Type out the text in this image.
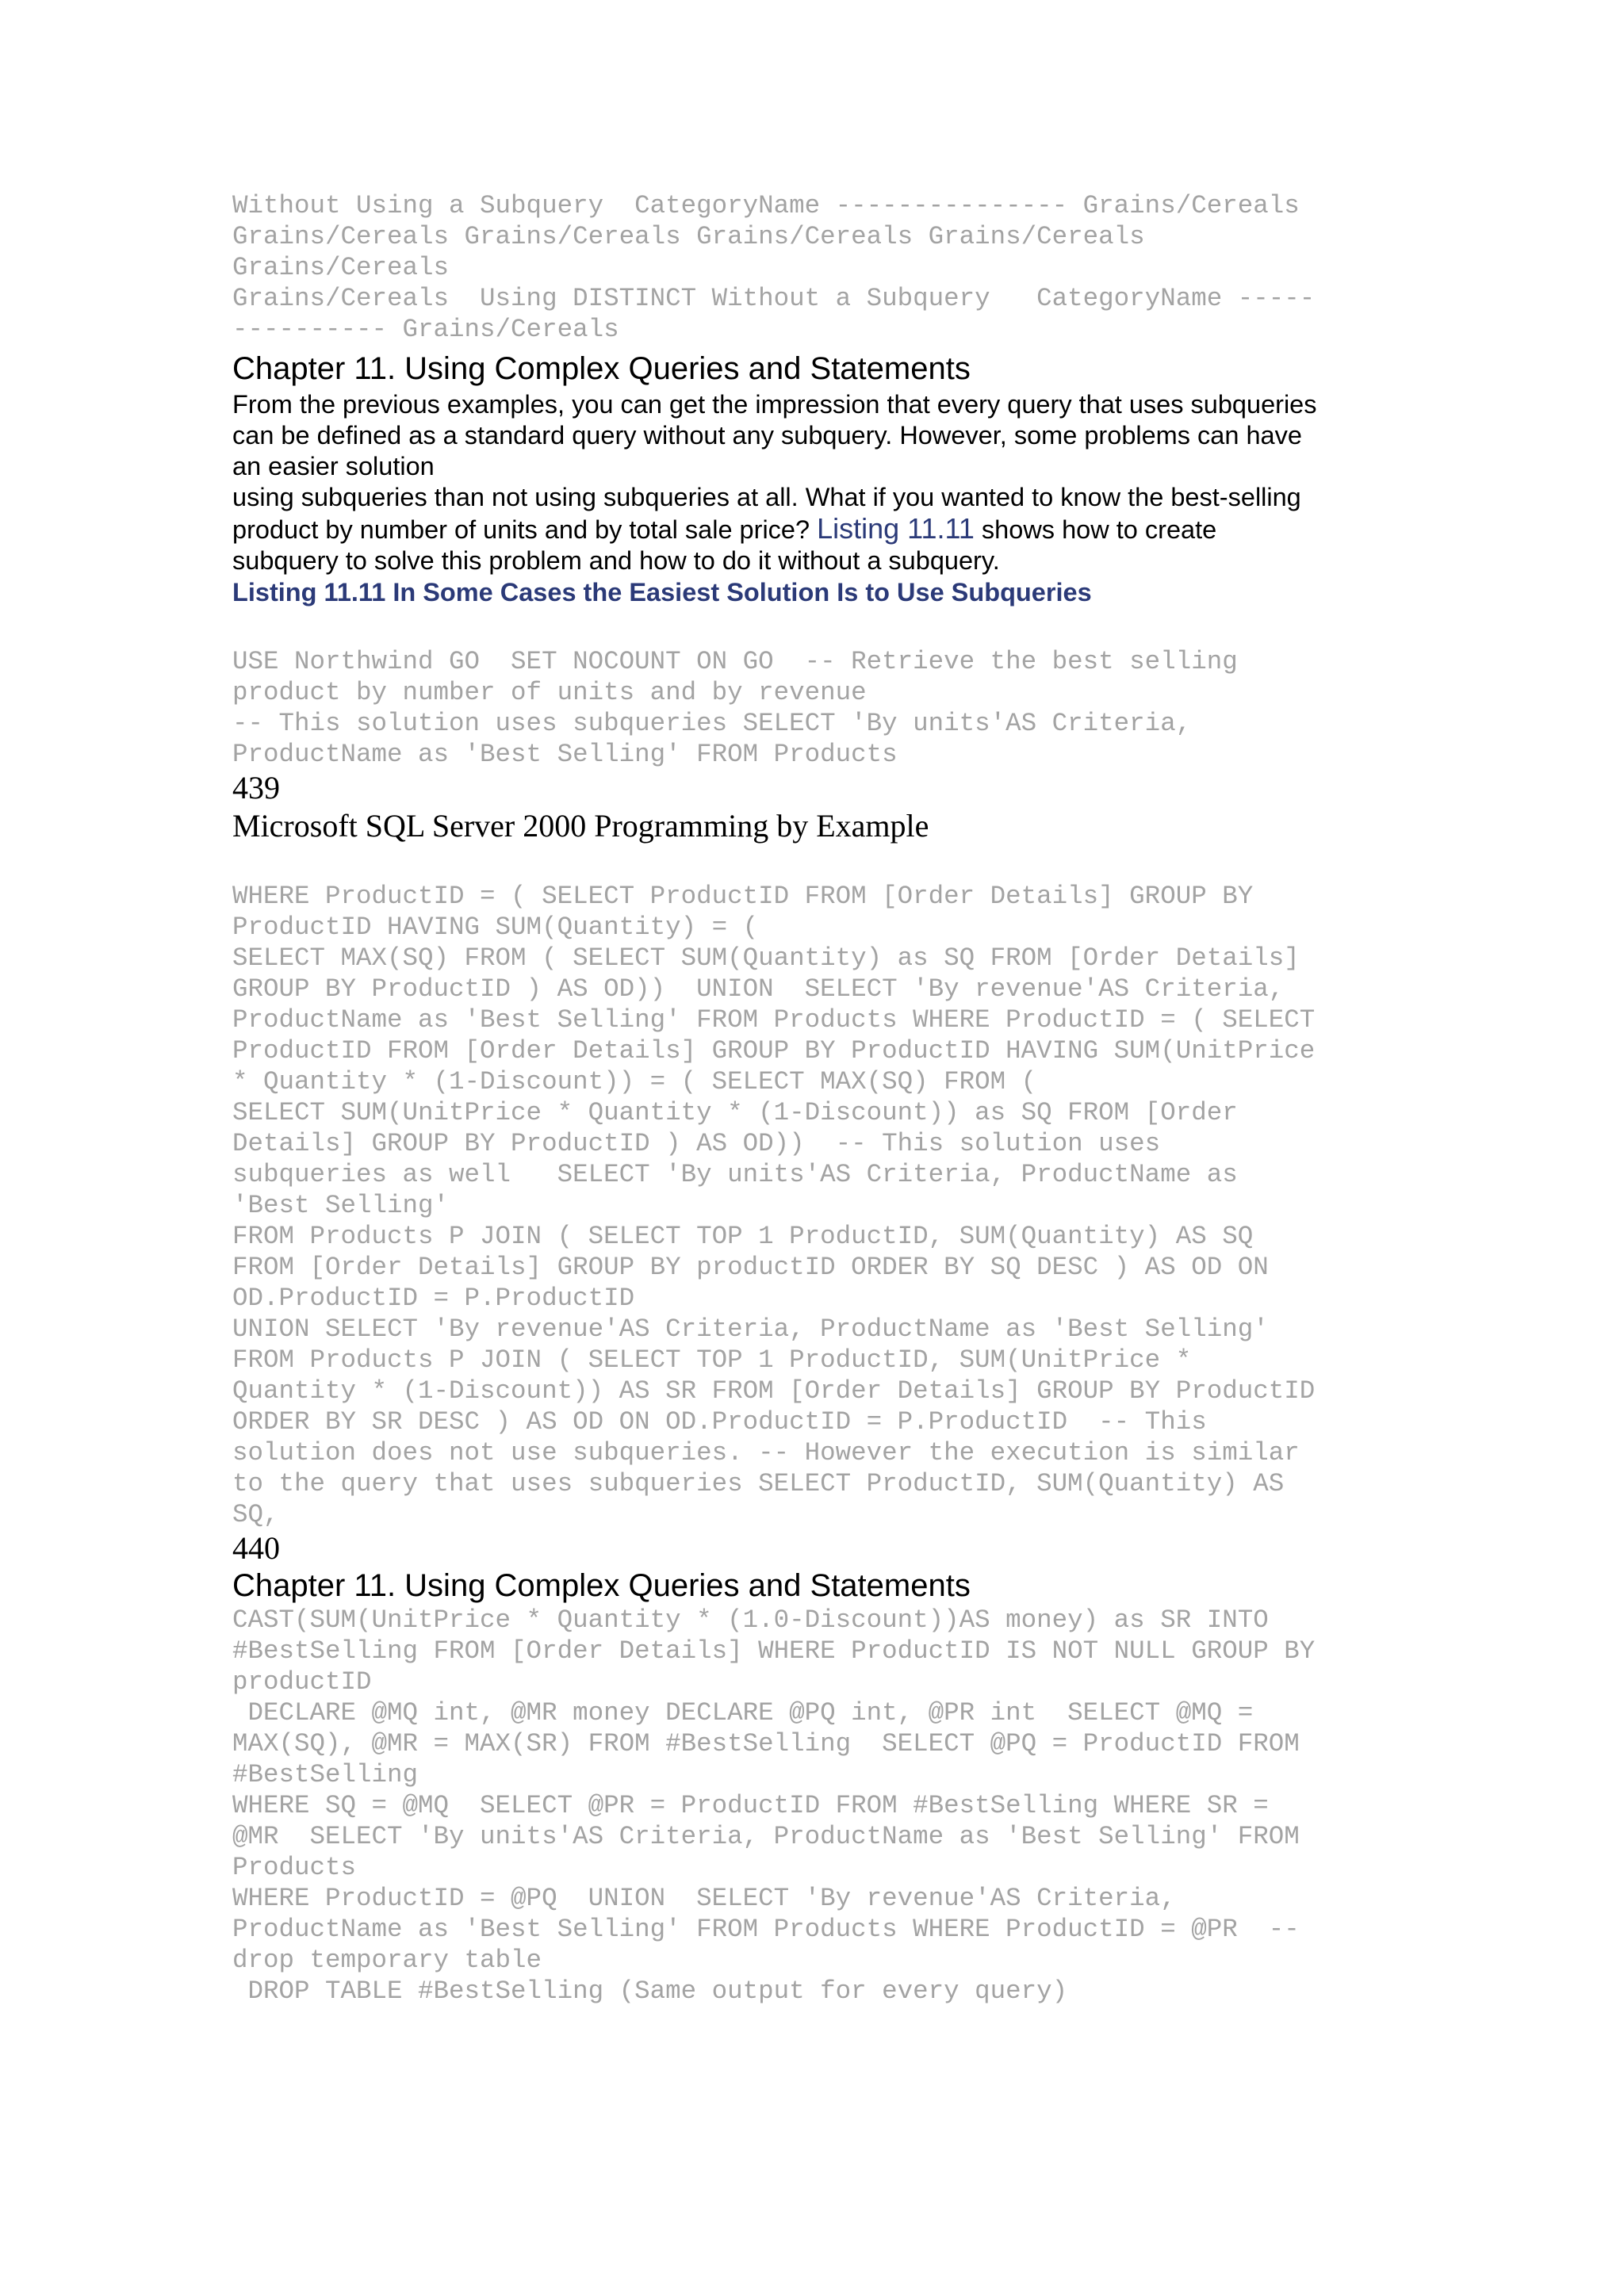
Without Using a Subquery  CategoryName --------------- Grains/Cereals
Grains/Cereals Grains/Cereals Grains/Cereals Grains/Cereals
Grains/Cereals
Grains/Cereals  Using DISTINCT Without a Subquery   CategoryName -----
---------- Grains/Cereals
Chapter 11. Using Complex Queries and Statements
From the previous examples, you can get the impression that every query that uses subqueries
can be defined as a standard query without any subquery. However, some problems can have
an easier solution
using subqueries than not using subqueries at all. What if you wanted to know the best-selling
product by number of units and by total sale price? Listing 11.11 shows how to create
subquery to solve this problem and how to do it without a subquery.
Listing 11.11 In Some Cases the Easiest Solution Is to Use Subqueries
USE Northwind GO  SET NOCOUNT ON GO  -- Retrieve the best selling
product by number of units and by revenue
-- This solution uses subqueries SELECT 'By units'AS Criteria,
ProductName as 'Best Selling' FROM Products
439
Microsoft SQL Server 2000 Programming by Example
WHERE ProductID = ( SELECT ProductID FROM [Order Details] GROUP BY
ProductID HAVING SUM(Quantity) = (
SELECT MAX(SQ) FROM ( SELECT SUM(Quantity) as SQ FROM [Order Details]
GROUP BY ProductID ) AS OD))  UNION  SELECT 'By revenue'AS Criteria,
ProductName as 'Best Selling' FROM Products WHERE ProductID = ( SELECT
ProductID FROM [Order Details] GROUP BY ProductID HAVING SUM(UnitPrice
* Quantity * (1-Discount)) = ( SELECT MAX(SQ) FROM (
SELECT SUM(UnitPrice * Quantity * (1-Discount)) as SQ FROM [Order
Details] GROUP BY ProductID ) AS OD))  -- This solution uses
subqueries as well   SELECT 'By units'AS Criteria, ProductName as
'Best Selling'
FROM Products P JOIN ( SELECT TOP 1 ProductID, SUM(Quantity) AS SQ
FROM [Order Details] GROUP BY productID ORDER BY SQ DESC ) AS OD ON
OD.ProductID = P.ProductID
UNION SELECT 'By revenue'AS Criteria, ProductName as 'Best Selling'
FROM Products P JOIN ( SELECT TOP 1 ProductID, SUM(UnitPrice *
Quantity * (1-Discount)) AS SR FROM [Order Details] GROUP BY ProductID
ORDER BY SR DESC ) AS OD ON OD.ProductID = P.ProductID  -- This
solution does not use subqueries. -- However the execution is similar
to the query that uses subqueries SELECT ProductID, SUM(Quantity) AS
SQ,
440
Chapter 11. Using Complex Queries and Statements
CAST(SUM(UnitPrice * Quantity * (1.0-Discount))AS money) as SR INTO
#BestSelling FROM [Order Details] WHERE ProductID IS NOT NULL GROUP BY
productID
DECLARE @MQ int, @MR money DECLARE @PQ int, @PR int  SELECT @MQ =
MAX(SQ), @MR = MAX(SR) FROM #BestSelling  SELECT @PQ = ProductID FROM
#BestSelling
WHERE SQ = @MQ  SELECT @PR = ProductID FROM #BestSelling WHERE SR =
@MR  SELECT 'By units'AS Criteria, ProductName as 'Best Selling' FROM
Products
WHERE ProductID = @PQ  UNION  SELECT 'By revenue'AS Criteria,
ProductName as 'Best Selling' FROM Products WHERE ProductID = @PR  --
drop temporary table
DROP TABLE #BestSelling (Same output for every query)
